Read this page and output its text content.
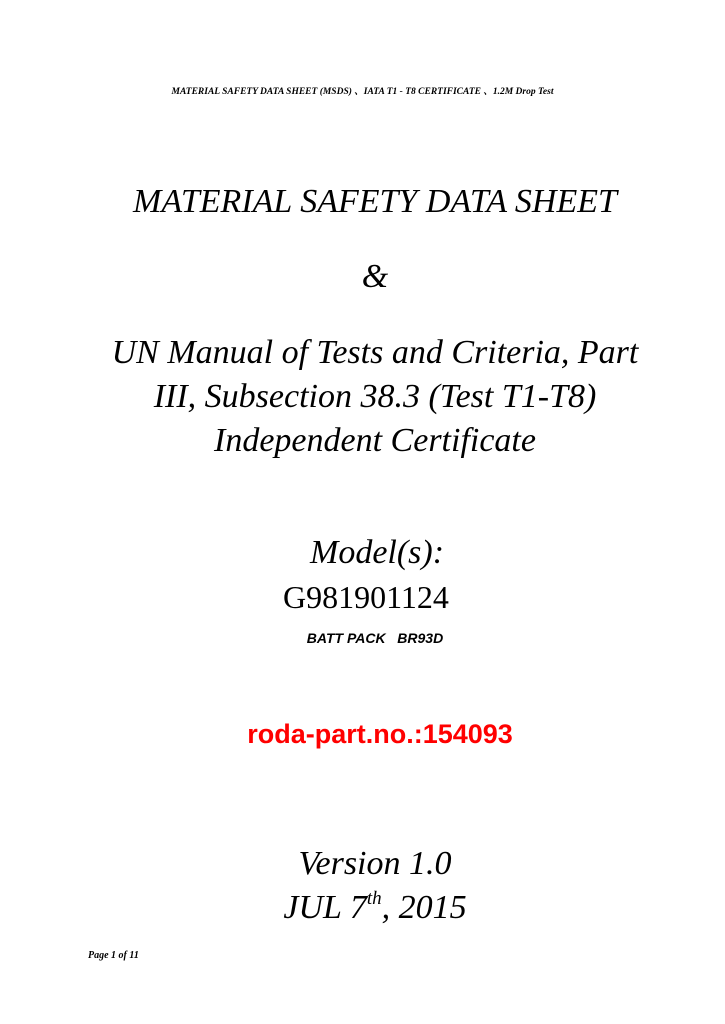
MATERIAL SAFETY DATA SHEET (MSDS) 、IATA T1 - T8 CERTIFICATE 、1.2M Drop Test
MATERIAL SAFETY DATA SHEET
&
UN Manual of Tests and Criteria, Part
III, Subsection 38.3 (Test T1-T8)
Independent Certificate
Model(s):
G981901124
BATT PACK   BR93D
roda-part.no.:154093
Version 1.0
JUL 7th, 2015
Page 1 of 11
